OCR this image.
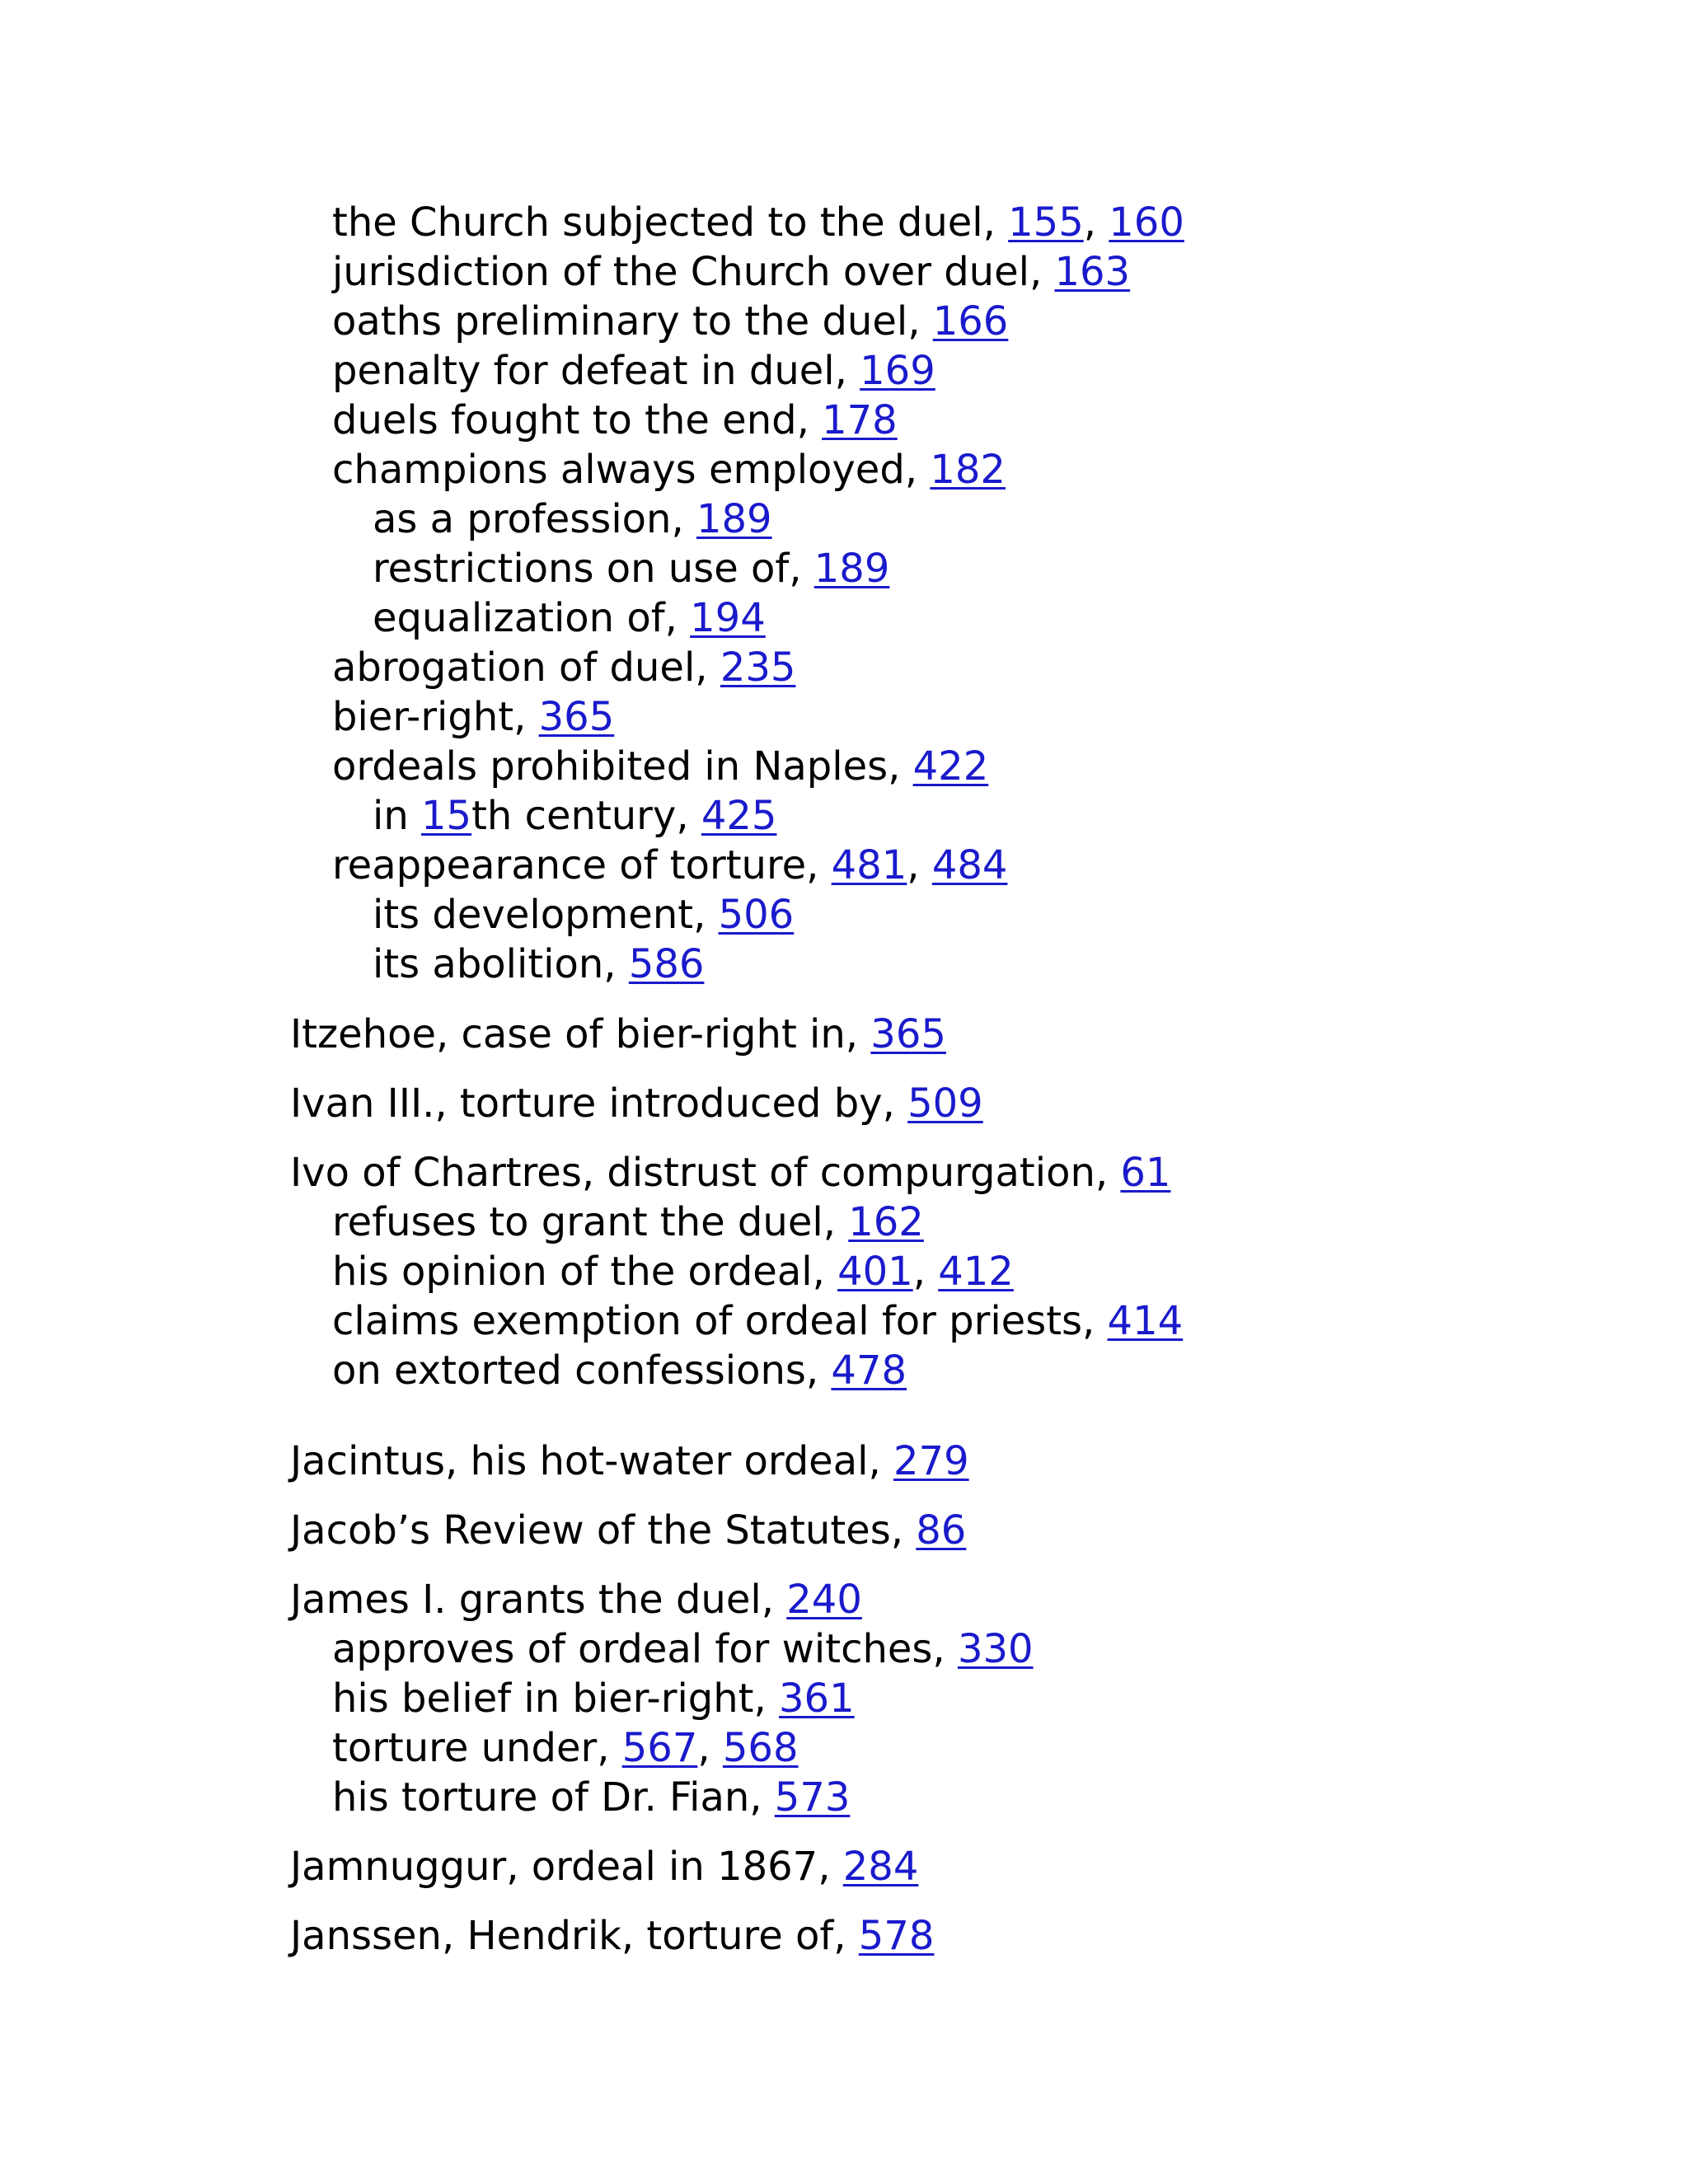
the Church subjected to the duel, 155, 160
jurisdiction of the Church over duel, 163
oaths preliminary to the duel, 166
penalty for defeat in duel, 169
duels fought to the end, 178
champions always employed, 182
as a profession, 189
restrictions on use of, 189
equalization of, 194
abrogation of duel, 235
bier-right, 365
ordeals prohibited in Naples, 422
in 15th century, 425
reappearance of torture, 481, 484
its development, 506
its abolition, 586
Itzehoe, case of bier-right in, 365
Ivan III., torture introduced by, 509
Ivo of Chartres, distrust of compurgation, 61
refuses to grant the duel, 162
his opinion of the ordeal, 401, 412
claims exemption of ordeal for priests, 414
on extorted confessions, 478
Jacintus, his hot-water ordeal, 279
Jacob’s Review of the Statutes, 86
James I. grants the duel, 240
approves of ordeal for witches, 330
his belief in bier-right, 361
torture under, 567, 568
his torture of Dr. Fian, 573
Jamnuggur, ordeal in 1867, 284
Janssen, Hendrik, torture of, 578
